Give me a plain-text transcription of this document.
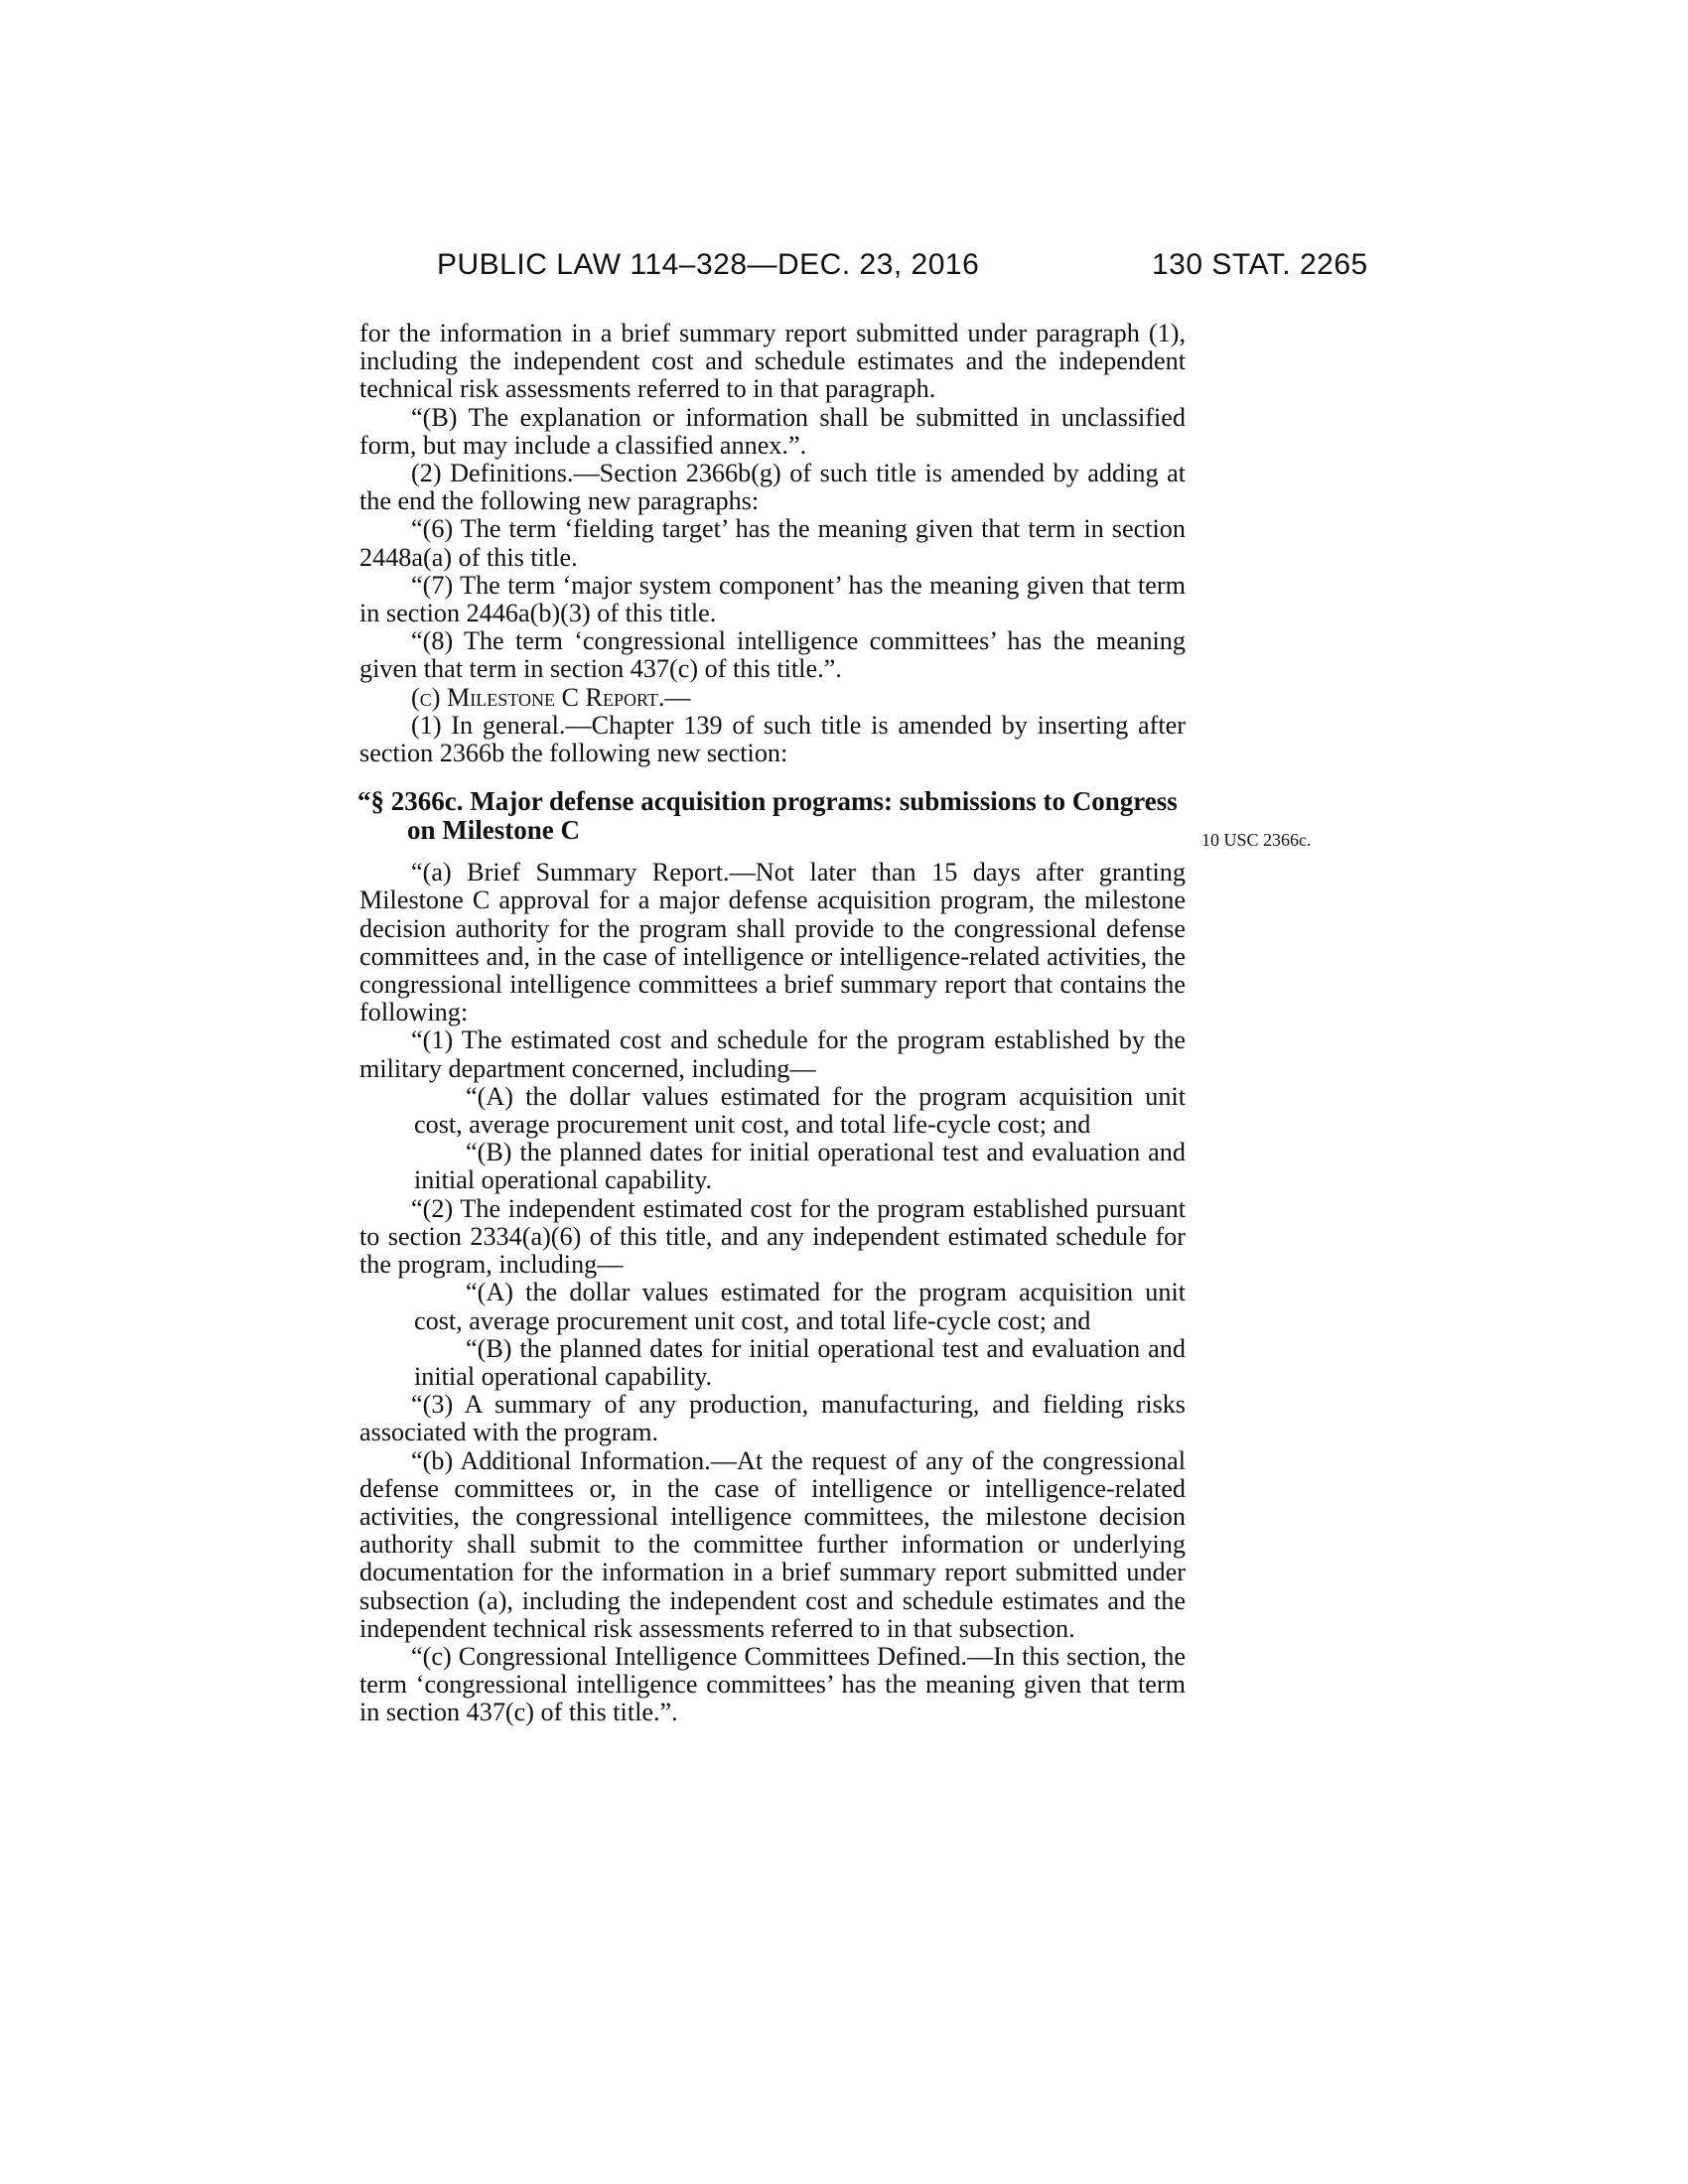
PUBLIC LAW 114–328—DEC. 23, 2016	130 STAT. 2265
10 USC 2366c.

for the information in a brief summary report submitted under paragraph (1), including the independent cost and schedule estimates and the independent technical risk assessments referred to in that paragraph.

“(B) The explanation or information shall be submitted in unclassified form, but may include a classified annex.”.

(2) Definitions.—Section 2366b(g) of such title is amended by adding at the end the following new paragraphs:

“(6) The term ‘fielding target’ has the meaning given that term in section 2448a(a) of this title.

“(7) The term ‘major system component’ has the meaning given that term in section 2446a(b)(3) of this title.

“(8) The term ‘congressional intelligence committees’ has the meaning given that term in section 437(c) of this title.”.

(c) Milestone C Report.—

(1) In general.—Chapter 139 of such title is amended by inserting after section 2366b the following new section:

“§ 2366c. Major defense acquisition programs: submissions to Congress on Milestone C

“(a) Brief Summary Report.—Not later than 15 days after granting Milestone C approval for a major defense acquisition program, the milestone decision authority for the program shall provide to the congressional defense committees and, in the case of intelligence or intelligence-related activities, the congressional intelligence committees a brief summary report that contains the following:

“(1) The estimated cost and schedule for the program established by the military department concerned, including—

“(A) the dollar values estimated for the program acquisition unit cost, average procurement unit cost, and total life-cycle cost; and

“(B) the planned dates for initial operational test and evaluation and initial operational capability.

“(2) The independent estimated cost for the program established pursuant to section 2334(a)(6) of this title, and any independent estimated schedule for the program, including—

“(A) the dollar values estimated for the program acquisition unit cost, average procurement unit cost, and total life-cycle cost; and

“(B) the planned dates for initial operational test and evaluation and initial operational capability.

“(3) A summary of any production, manufacturing, and fielding risks associated with the program.

“(b) Additional Information.—At the request of any of the congressional defense committees or, in the case of intelligence or intelligence-related activities, the congressional intelligence committees, the milestone decision authority shall submit to the committee further information or underlying documentation for the information in a brief summary report submitted under subsection (a), including the independent cost and schedule estimates and the independent technical risk assessments referred to in that subsection.

“(c) Congressional Intelligence Committees Defined.—In this section, the term ‘congressional intelligence committees’ has the meaning given that term in section 437(c) of this title.”.
